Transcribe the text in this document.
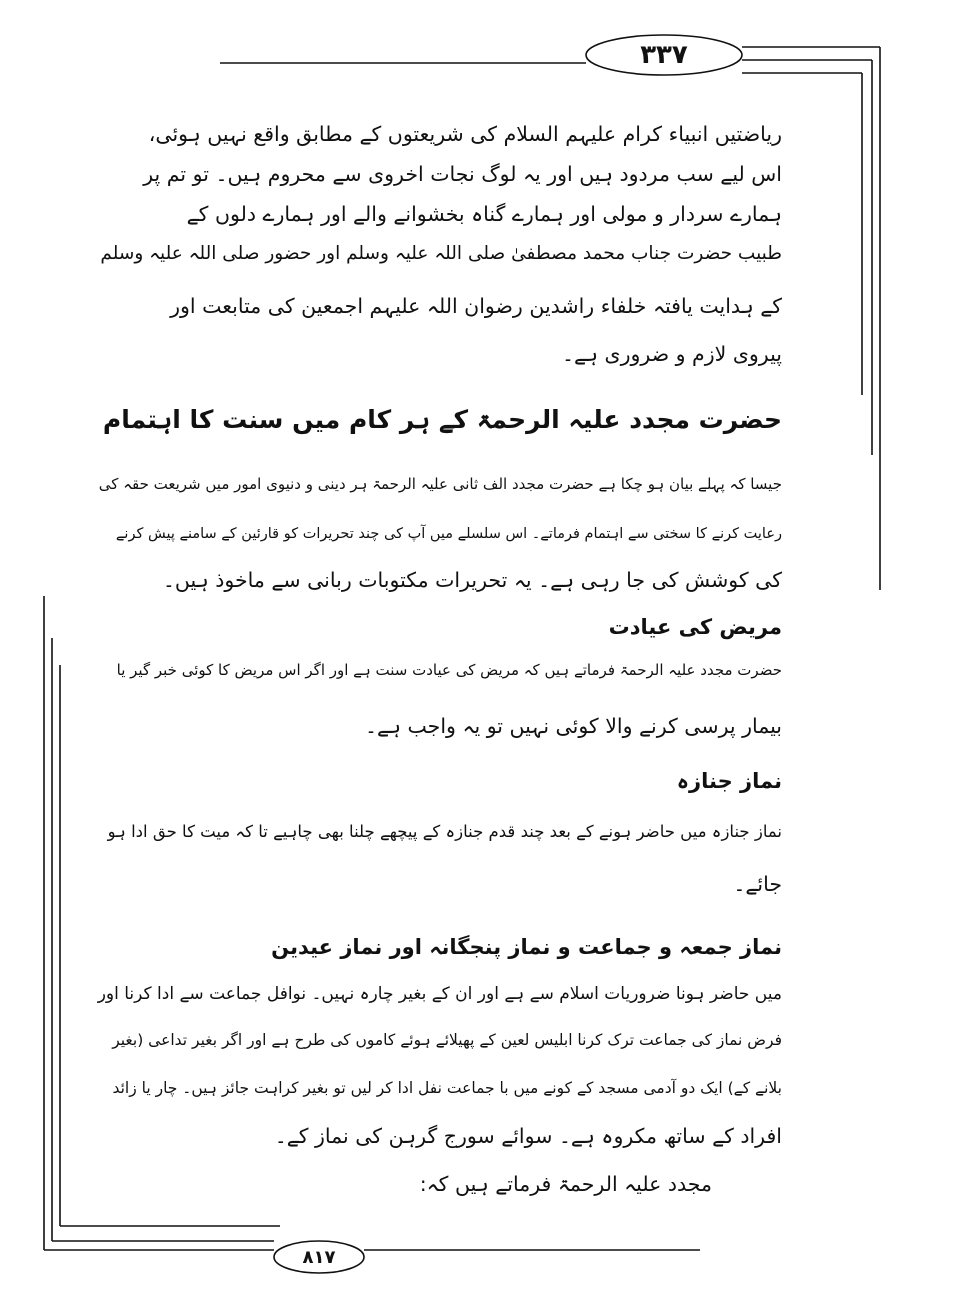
۳۳۷
۸۱۷
ریاضتیں انبیاء کرام علیہم السلام کی شریعتوں کے مطابق واقع نہیں ہوئی،
اس لیے سب مردود ہیں اور یہ لوگ نجات اخروی سے محروم ہیں۔ تو تم پر
ہمارے سردار و مولی اور ہمارے گناہ بخشوانے والے اور ہمارے دلوں کے
طبیب حضرت جناب محمد مصطفیٰ صلی اللہ علیہ وسلم اور حضور صلی اللہ علیہ وسلم
کے ہدایت یافتہ خلفاء راشدین رضوان اللہ علیہم اجمعین کی متابعت اور
پیروی لازم و ضروری ہے۔
حضرت مجدد علیہ الرحمۃ کے ہر کام میں سنت کا اہتمام
جیسا کہ پہلے بیان ہو چکا ہے حضرت مجدد الف ثانی علیہ الرحمۃ ہر دینی و دنیوی امور میں شریعت حقہ کی
رعایت کرنے کا سختی سے اہتمام فرماتے۔ اس سلسلے میں آپ کی چند تحریرات کو قارئین کے سامنے پیش کرنے
کی کوشش کی جا رہی ہے۔ یہ تحریرات مکتوبات ربانی سے ماخوذ ہیں۔
مریض کی عیادت
حضرت مجدد علیہ الرحمۃ فرماتے ہیں کہ مریض کی عیادت سنت ہے اور اگر اس مریض کا کوئی خبر گیر یا
بیمار پرسی کرنے والا کوئی نہیں تو یہ واجب ہے۔
نماز جنازہ
نماز جنازہ میں حاضر ہونے کے بعد چند قدم جنازہ کے پیچھے چلنا بھی چاہیے تا کہ میت کا حق ادا ہو
جائے۔
نماز جمعہ و جماعت و نماز پنجگانہ اور نماز عیدین
میں حاضر ہونا ضروریات اسلام سے ہے اور ان کے بغیر چارہ نہیں۔ نوافل جماعت سے ادا کرنا اور
فرض نماز کی جماعت ترک کرنا ابلیس لعین کے پھیلائے ہوئے کاموں کی طرح ہے اور اگر بغیر تداعی (بغیر
بلانے کے) ایک دو آدمی مسجد کے کونے میں با جماعت نفل ادا کر لیں تو بغیر کراہت جائز ہیں۔ چار یا زائد
افراد کے ساتھ مکروہ ہے۔ سوائے سورج گرہن کی نماز کے۔
مجدد علیہ الرحمۃ فرماتے ہیں کہ:
